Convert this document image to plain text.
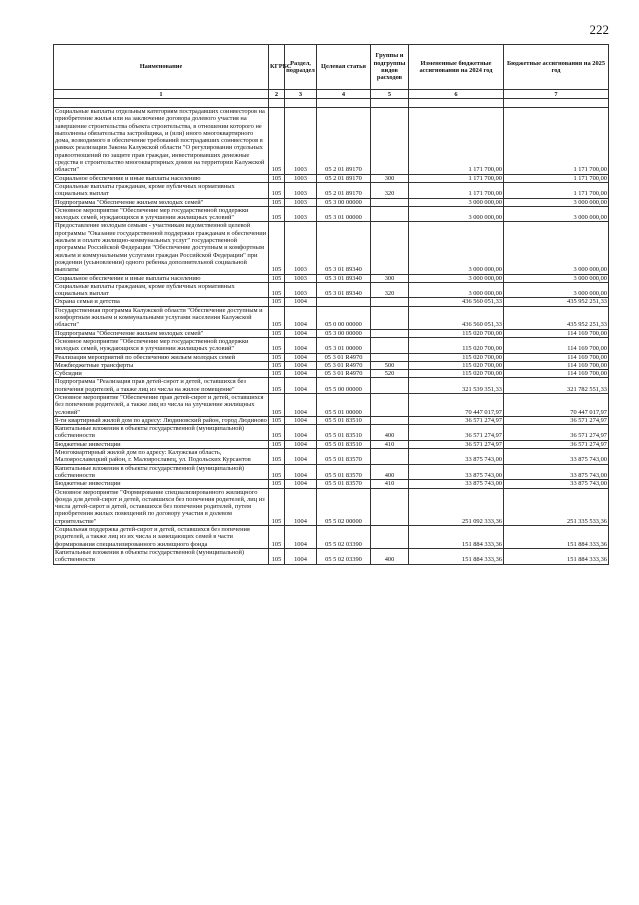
222
Наименование	КГРБС	Раздел, подраздел	Целевая статья	Группы и подгруппы видов расходов	Измененные бюджетные ассигнования на 2024 год	Бюджетные ассигнования на 2025 год
1	2	3	4	5	6	7

Социальные выплаты отдельным категориям пострадавших соинвесторов на приобретение жилья или на заключение договора долевого участия на завершение строительства объекта строительства, в отношении которого не выполнены обязательства застройщика, и (или) иного многоквартирного дома, возводимого в обеспечение требований пострадавших соинвесторов в рамках реализации Закона Калужской области "О регулировании отдельных правоотношений по защите прав граждан, инвестировавших денежные средства в строительство многоквартирных домов на территории Калужской области"	105	1003	05 2 01 89170		1 171 700,00	1 171 700,00
Социальное обеспечение и иные выплаты населению	105	1003	05 2 01 89170	300	1 171 700,00	1 171 700,00
Социальные выплаты гражданам, кроме публичных нормативных социальных выплат	105	1003	05 2 01 89170	320	1 171 700,00	1 171 700,00
Подпрограмма "Обеспечение жильем молодых семей"	105	1003	05 3 00 00000		3 000 000,00	3 000 000,00
Основное мероприятие "Обеспечение мер государственной поддержки молодых семей, нуждающихся в улучшении жилищных условий"	105	1003	05 3 01 00000		3 000 000,00	3 000 000,00
Предоставление молодым семьям - участникам ведомственной целевой программы "Оказание государственной поддержки гражданам в обеспечении жильем и оплате жилищно-коммунальных услуг" государственной программы Российской Федерации "Обеспечение доступным и комфортным жильем и коммунальными услугами граждан Российской Федерации" при рождении (усыновлении) одного ребенка дополнительной социальной выплаты	105	1003	05 3 01 89340		3 000 000,00	3 000 000,00
Социальное обеспечение и иные выплаты населению	105	1003	05 3 01 89340	300	3 000 000,00	3 000 000,00
Социальные выплаты гражданам, кроме публичных нормативных социальных выплат	105	1003	05 3 01 89340	320	3 000 000,00	3 000 000,00
Охрана семьи и детства	105	1004			436 560 051,33	435 952 251,33
Государственная программа Калужской области "Обеспечение доступным и комфортным жильем и коммунальными услугами населения Калужской области"	105	1004	05 0 00 00000		436 560 051,33	435 952 251,33
Подпрограмма "Обеспечение жильем молодых семей"	105	1004	05 3 00 00000		115 020 700,00	114 169 700,00
Основное мероприятие "Обеспечение мер государственной поддержки молодых семей, нуждающихся в улучшении жилищных условий"	105	1004	05 3 01 00000		115 020 700,00	114 169 700,00
Реализация мероприятий по обеспечению жильем молодых семей	105	1004	05 3 01 R4970		115 020 700,00	114 169 700,00
Межбюджетные трансферты	105	1004	05 3 01 R4970	500	115 020 700,00	114 169 700,00
Субсидии	105	1004	05 3 01 R4970	520	115 020 700,00	114 169 700,00
Подпрограмма "Реализация прав детей-сирот и детей, оставшихся без попечения родителей, а также лиц из числа на жилое помещение"	105	1004	05 5 00 00000		321 539 351,33	321 782 551,33
Основное мероприятие "Обеспечение прав детей-сирот и детей, оставшихся без попечения родителей, а также лиц из числа на улучшение жилищных условий"	105	1004	05 5 01 00000		70 447 017,97	70 447 017,97
9-ти квартирный жилой дом по адресу: Людиновский район, город Людиново	105	1004	05 5 01 83510		36 571 274,97	36 571 274,97
Капитальные вложения в объекты государственной (муниципальной) собственности	105	1004	05 5 01 83510	400	36 571 274,97	36 571 274,97
Бюджетные инвестиции	105	1004	05 5 01 83510	410	36 571 274,97	36 571 274,97
Многоквартирный жилой дом по адресу: Калужская область, Малоярославецкий район, г. Малоярославец, ул. Подольских Курсантов	105	1004	05 5 01 83570		33 875 743,00	33 875 743,00
Капитальные вложения в объекты государственной (муниципальной) собственности	105	1004	05 5 01 83570	400	33 875 743,00	33 875 743,00
Бюджетные инвестиции	105	1004	05 5 01 83570	410	33 875 743,00	33 875 743,00
Основное мероприятие "Формирование специализированного жилищного фонда для детей-сирот и детей, оставшихся без попечения родителей, лиц из числа детей-сирот и детей, оставшихся без попечения родителей, путем приобретения жилых помещений по договору участия в долевом строительстве"	105	1004	05 5 02 00000		251 092 333,36	251 335 533,36
Социальная поддержка детей-сирот и детей, оставшихся без попечения родителей, а также лиц из их числа и замещающих семей в части формирования специализированного жилищного фонда	105	1004	05 5 02 03390		151 884 333,36	151 884 333,36
Капитальные вложения в объекты государственной (муниципальной) собственности	105	1004	05 5 02 03390	400	151 884 333,36	151 884 333,36
